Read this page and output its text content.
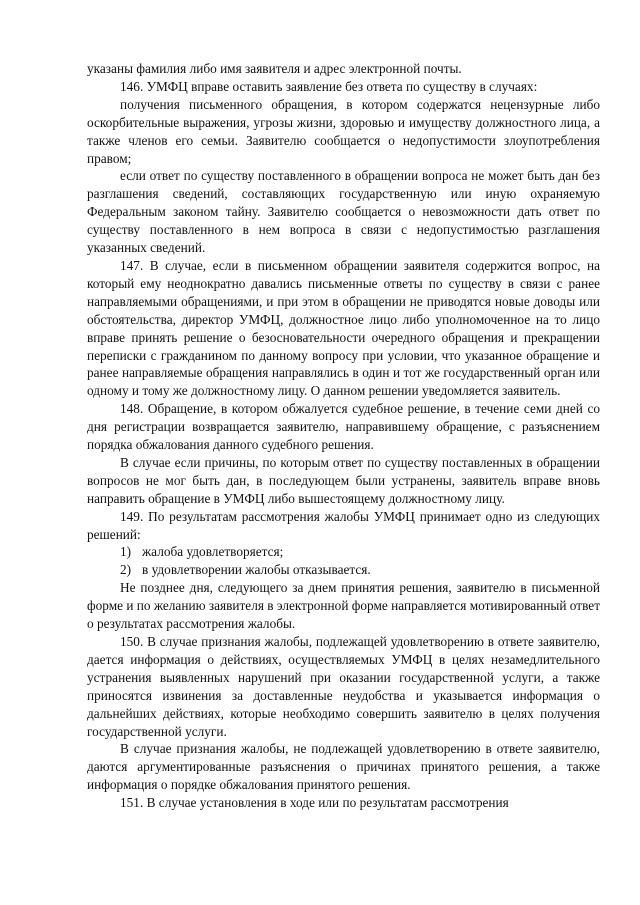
указаны фамилия либо имя заявителя и адрес электронной почты.

146. УМФЦ вправе оставить заявление без ответа по существу в случаях:

получения письменного обращения, в котором содержатся нецензурные либо оскорбительные выражения, угрозы жизни, здоровью и имуществу должностного лица, а также членов его семьи. Заявителю сообщается о недопустимости злоупотребления правом;

если ответ по существу поставленного в обращении вопроса не может быть дан без разглашения сведений, составляющих государственную или иную охраняемую Федеральным законом тайну. Заявителю сообщается о невозможности дать ответ по существу поставленного в нем вопроса в связи с недопустимостью разглашения указанных сведений.

147. В случае, если в письменном обращении заявителя содержится вопрос, на который ему неоднократно давались письменные ответы по существу в связи с ранее направляемыми обращениями, и при этом в обращении не приводятся новые доводы или обстоятельства, директор УМФЦ, должностное лицо либо уполномоченное на то лицо вправе принять решение о безосновательности очередного обращения и прекращении переписки с гражданином по данному вопросу при условии, что указанное обращение и ранее направляемые обращения направлялись в один и тот же государственный орган или одному и тому же должностному лицу. О данном решении уведомляется заявитель.

148. Обращение, в котором обжалуется судебное решение, в течение семи дней со дня регистрации возвращается заявителю, направившему обращение, с разъяснением порядка обжалования данного судебного решения.

В случае если причины, по которым ответ по существу поставленных в обращении вопросов не мог быть дан, в последующем были устранены, заявитель вправе вновь направить обращение в УМФЦ либо вышестоящему должностному лицу.

149. По результатам рассмотрения жалобы УМФЦ принимает одно из следующих решений:

1) жалоба удовлетворяется;
2) в удовлетворении жалобы отказывается.

Не позднее дня, следующего за днем принятия решения, заявителю в письменной форме и по желанию заявителя в электронной форме направляется мотивированный ответ о результатах рассмотрения жалобы.

150. В случае признания жалобы, подлежащей удовлетворению в ответе заявителю, дается информация о действиях, осуществляемых УМФЦ в целях незамедлительного устранения выявленных нарушений при оказании государственной услуги, а также приносятся извинения за доставленные неудобства и указывается информация о дальнейших действиях, которые необходимо совершить заявителю в целях получения государственной услуги.

В случае признания жалобы, не подлежащей удовлетворению в ответе заявителю, даются аргументированные разъяснения о причинах принятого решения, а также информация о порядке обжалования принятого решения.

151. В случае установления в ходе или по результатам рассмотрения
